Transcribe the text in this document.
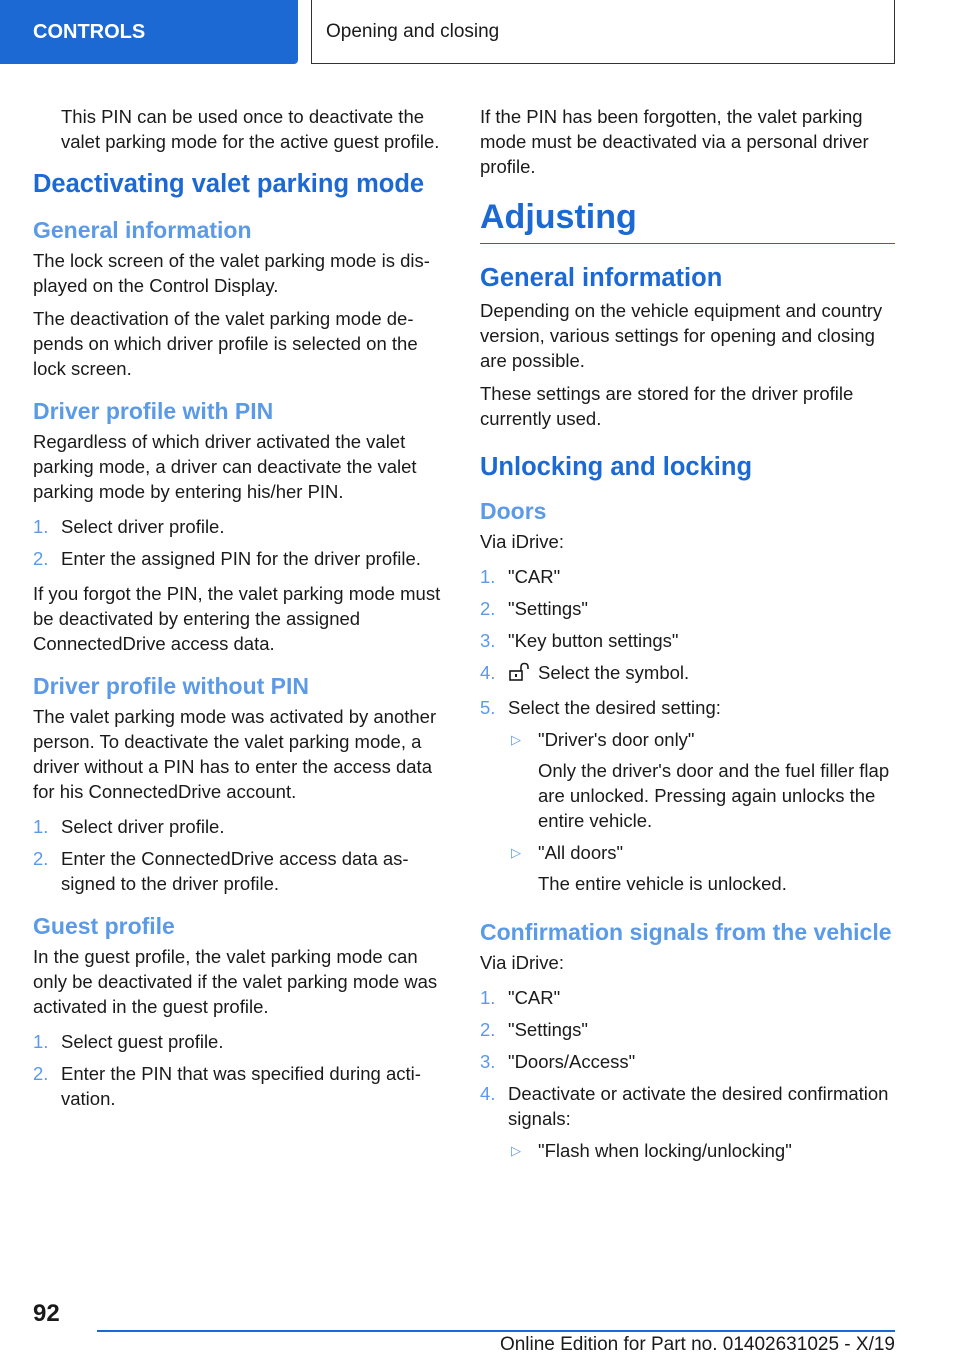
CONTROLS	Opening and closing

This PIN can be used once to deactivate the valet parking mode for the active guest profile.

Deactivating valet parking mode
General information

The lock screen of the valet parking mode is displayed on the Control Display.

The deactivation of the valet parking mode depends on which driver profile is selected on the lock screen.

Driver profile with PIN

Regardless of which driver activated the valet parking mode, a driver can deactivate the valet parking mode by entering his/her PIN.

1. Select driver profile.
2. Enter the assigned PIN for the driver profile.

If you forgot the PIN, the valet parking mode must be deactivated by entering the assigned ConnectedDrive access data.

Driver profile without PIN

The valet parking mode was activated by another person. To deactivate the valet parking mode, a driver without a PIN has to enter the access data for his ConnectedDrive account.

1. Select driver profile.
2. Enter the ConnectedDrive access data assigned to the driver profile.
Guest profile

In the guest profile, the valet parking mode can only be deactivated if the valet parking mode was activated in the guest profile.

1. Select guest profile.
2. Enter the PIN that was specified during activation.

If the PIN has been forgotten, the valet parking mode must be deactivated via a personal driver profile.

Adjusting
General information

Depending on the vehicle equipment and country version, various settings for opening and closing are possible.

These settings are stored for the driver profile currently used.

Unlocking and locking
Doors

Via iDrive:

1. "CAR"
2. "Settings"
3. "Key button settings"
4.	Select the symbol.
5. Select the desired setting:
▷ "Driver's door only"

Only the driver's door and the fuel filler flap are unlocked. Pressing again unlocks the entire vehicle.

▷ "All doors"

The entire vehicle is unlocked.

Confirmation signals from the vehicle

Via iDrive:

1. "CAR"
2. "Settings"
3. "Doors/Access"
4. Deactivate or activate the desired confirmation signals:
▷ "Flash when locking/unlocking"
92
Online Edition for Part no. 01402631025 - X/19
